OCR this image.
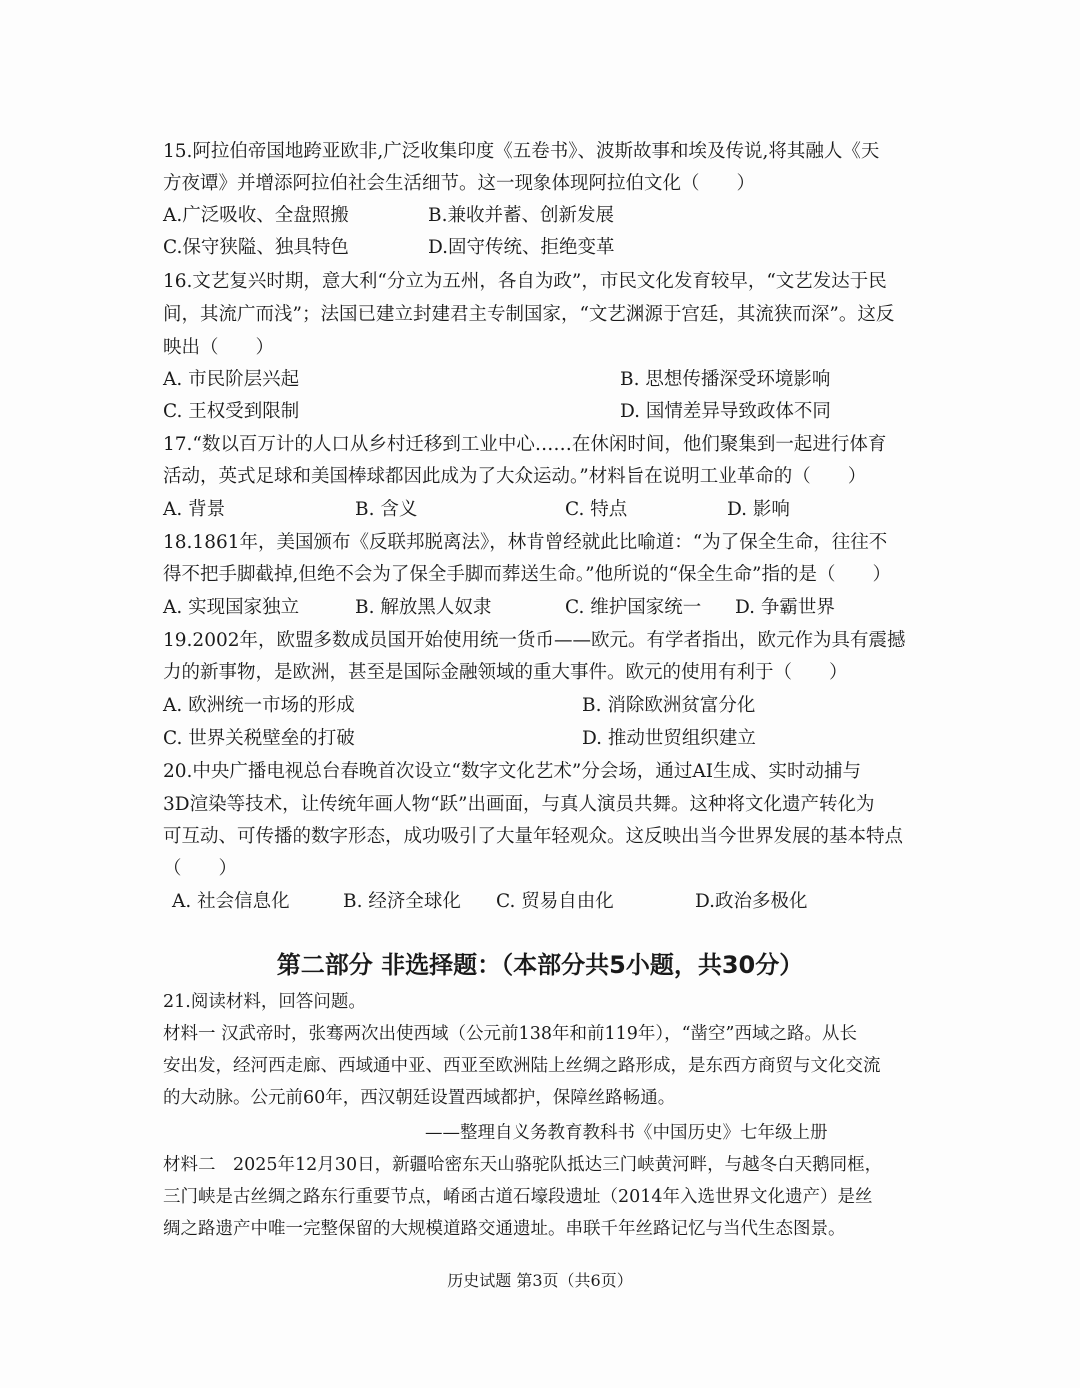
15.阿拉伯帝国地跨亚欧非,广泛收集印度《五卷书》、波斯故事和埃及传说,将其融人《天
方夜谭》并增添阿拉伯社会生活细节。这一现象体现阿拉伯文化（　　）
A.广泛吸收、全盘照搬	B.兼收并蓄、创新发展
C.保守狭隘、独具特色	D.固守传统、拒绝变革
16.文艺复兴时期，意大利“分立为五州，各自为政”，市民文化发育较早，“文艺发达于民
间，其流广而浅”；法国已建立封建君主专制国家，“文艺渊源于宫廷，其流狭而深”。这反
映出（　　）
A. 市民阶层兴起	B. 思想传播深受环境影响
C. 王权受到限制	D. 国情差异导致政体不同
17.“数以百万计的人口从乡村迁移到工业中心……在休闲时间，他们聚集到一起进行体育
活动，英式足球和美国棒球都因此成为了大众运动。”材料旨在说明工业革命的（　　）
A. 背景	B. 含义	C. 特点	D. 影响
18.1861年，美国颁布《反联邦脱离法》，林肯曾经就此比喻道：“为了保全生命，往往不
得不把手脚截掉,但绝不会为了保全手脚而葬送生命。”他所说的“保全生命”指的是（　　）
A. 实现国家独立	B. 解放黑人奴隶	C. 维护国家统一 D. 争霸世界
19.2002年，欧盟多数成员国开始使用统一货币——欧元。有学者指出，欧元作为具有震撼
力的新事物，是欧洲，甚至是国际金融领域的重大事件。欧元的使用有利于（　　）
A. 欧洲统一市场的形成	B. 消除欧洲贫富分化
C. 世界关税壁垒的打破	D. 推动世贸组织建立
20.中央广播电视总台春晚首次设立“数字文化艺术”分会场，通过AI生成、实时动捕与
3D渲染等技术，让传统年画人物“跃”出画面，与真人演员共舞。这种将文化遗产转化为
可互动、可传播的数字形态，成功吸引了大量年轻观众。这反映出当今世界发展的基本特点
（　　）
A. 社会信息化	B. 经济全球化 C. 贸易自由化	D.政治多极化
第二部分 非选择题：（本部分共5小题，共30分）
21.阅读材料，回答问题。
材料一 汉武帝时，张骞两次出使西域（公元前138年和前119年），“凿空”西域之路。从长
安出发，经河西走廊、西域通中亚、西亚至欧洲陆上丝绸之路形成，是东西方商贸与文化交流
的大动脉。公元前60年，西汉朝廷设置西域都护，保障丝路畅通。
——整理自义务教育教科书《中国历史》七年级上册
材料二　2025年12月30日，新疆哈密东天山骆驼队抵达三门峡黄河畔，与越冬白天鹅同框，
三门峡是古丝绸之路东行重要节点，崤函古道石壕段遗址（2014年入选世界文化遗产）是丝
绸之路遗产中唯一完整保留的大规模道路交通遗址。串联千年丝路记忆与当代生态图景。
历史试题 第3页（共6页）
